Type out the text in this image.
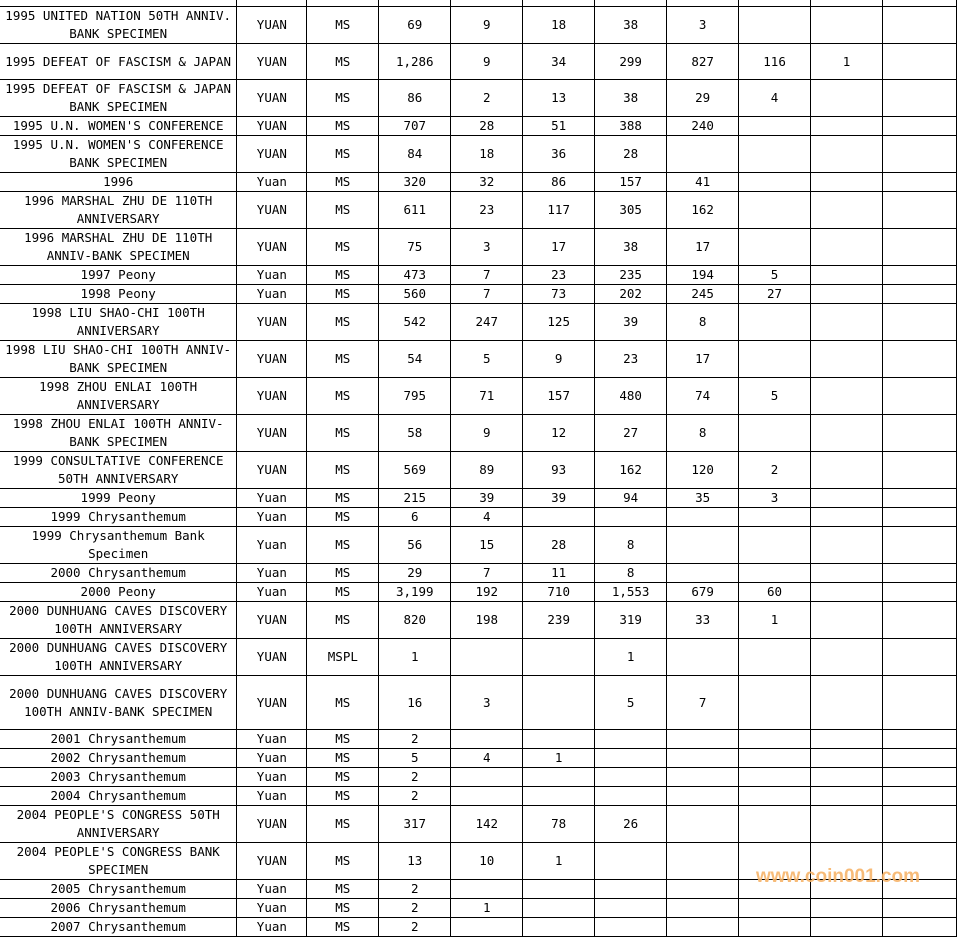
1995 UNITED NATION 50TH ANNIV. BANK SPECIMEN	YUAN	MS	69	9	18	38	3			
1995 DEFEAT OF FASCISM & JAPAN	YUAN	MS	1,286	9	34	299	827	116	1	
1995 DEFEAT OF FASCISM & JAPAN BANK SPECIMEN	YUAN	MS	86	2	13	38	29	4		
1995 U.N. WOMEN'S CONFERENCE	YUAN	MS	707	28	51	388	240			
1995 U.N. WOMEN'S CONFERENCE BANK SPECIMEN	YUAN	MS	84	18	36	28				
1996	Yuan	MS	320	32	86	157	41			
1996 MARSHAL ZHU DE 110TH ANNIVERSARY	YUAN	MS	611	23	117	305	162			
1996 MARSHAL ZHU DE 110TH ANNIV-BANK SPECIMEN	YUAN	MS	75	3	17	38	17			
1997 Peony	Yuan	MS	473	7	23	235	194	5		
1998 Peony	Yuan	MS	560	7	73	202	245	27		
1998 LIU SHAO-CHI 100TH ANNIVERSARY	YUAN	MS	542	247	125	39	8			
1998 LIU SHAO-CHI 100TH ANNIV-BANK SPECIMEN	YUAN	MS	54	5	9	23	17			
1998 ZHOU ENLAI 100TH ANNIVERSARY	YUAN	MS	795	71	157	480	74	5		
1998 ZHOU ENLAI 100TH ANNIV-BANK SPECIMEN	YUAN	MS	58	9	12	27	8			
1999 CONSULTATIVE CONFERENCE 50TH ANNIVERSARY	YUAN	MS	569	89	93	162	120	2		
1999 Peony	Yuan	MS	215	39	39	94	35	3		
1999 Chrysanthemum	Yuan	MS	6	4						
1999 Chrysanthemum Bank Specimen	Yuan	MS	56	15	28	8				
2000 Chrysanthemum	Yuan	MS	29	7	11	8				
2000 Peony	Yuan	MS	3,199	192	710	1,553	679	60		
2000 DUNHUANG CAVES DISCOVERY 100TH ANNIVERSARY	YUAN	MS	820	198	239	319	33	1		
2000 DUNHUANG CAVES DISCOVERY 100TH ANNIVERSARY	YUAN	MSPL	1			1				
2000 DUNHUANG CAVES DISCOVERY 100TH ANNIV-BANK SPECIMEN	YUAN	MS	16	3		5	7			
2001 Chrysanthemum	Yuan	MS	2							
2002 Chrysanthemum	Yuan	MS	5	4	1					
2003 Chrysanthemum	Yuan	MS	2							
2004 Chrysanthemum	Yuan	MS	2							
2004 PEOPLE'S CONGRESS 50TH ANNIVERSARY	YUAN	MS	317	142	78	26				
2004 PEOPLE'S CONGRESS BANK SPECIMEN	YUAN	MS	13	10	1					
2005 Chrysanthemum	Yuan	MS	2							
2006 Chrysanthemum	Yuan	MS	2	1						
2007 Chrysanthemum	Yuan	MS	2							
www.coin001.com
